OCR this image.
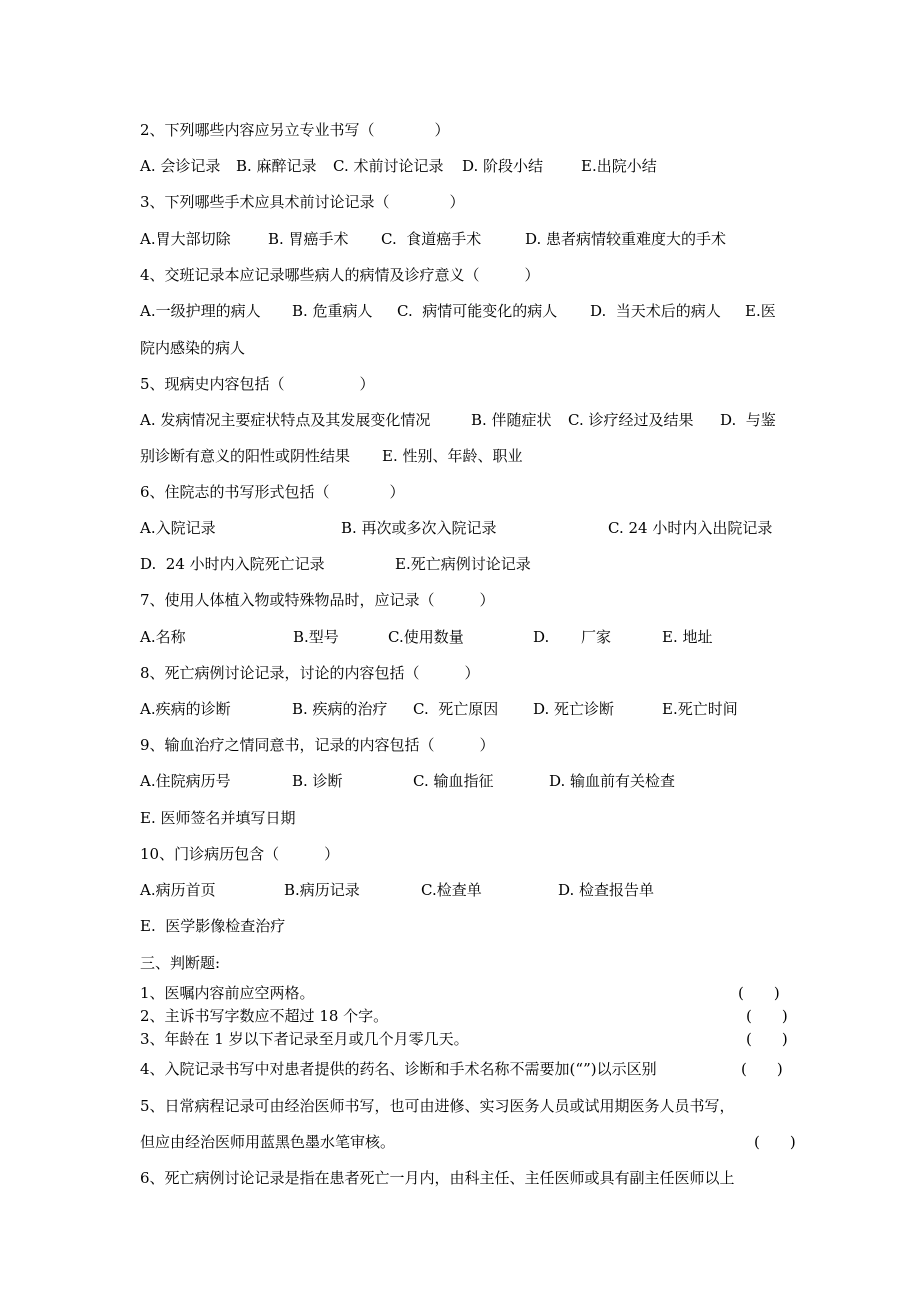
2、下列哪些内容应另立专业书写（　　　　）

A. 会诊记录

B. 麻醉记录

C. 术前讨论记录

D. 阶段小结

	E.出院小结

3、下列哪些手术应具术前讨论记录（　　　　）

A.胃大部切除

B. 胃癌手术

C.  食道癌手术

	D. 患者病情较重难度大的手术

4、交班记录本应记录哪些病人的病情及诊疗意义（　　　）

A.一级护理的病人

B. 危重病人

C.  病情可能变化的病人

D.  当天术后的病人

E.医

院内感染的病人
5、现病史内容包括（　　　　　）

A. 发病情况主要症状特点及其发展变化情况

	B. 伴随症状

C. 诊疗经过及结果

D.  与鉴

别诊断有意义的阳性或阴性结果

E. 性别、年龄、职业

6、住院志的书写形式包括（　　　　）

A.入院记录

	B. 再次或多次入院记录

	C. 24 小时内入出院记录

D.  24 小时内入院死亡记录

	E.死亡病例讨论记录

7、使用人体植入物或特殊物品时，应记录（　　　）

A.名称

	B.型号

	C.使用数量

	D.

厂家

	E. 地址

8、死亡病例讨论记录，讨论的内容包括（　　　）

A.疾病的诊断

	B. 疾病的治疗

C.  死亡原因

D. 死亡诊断

	E.死亡时间

9、输血治疗之情同意书，记录的内容包括（　　　）

A.住院病历号

	B. 诊断

	C. 输血指征

	D. 输血前有关检查

E. 医师签名并填写日期
10、门诊病历包含（　　　）

A.病历首页

	B.病历记录

	C.检查单

	D. 检查报告单

E.  医学影像检查治疗
三、判断题:

1、医嘱内容前应空两格。

	(　　)

2、主诉书写字数应不超过 18 个字。

	(　　)

3、年龄在 1 岁以下者记录至月或几个月零几天。

	(　　)

4、入院记录书写中对患者提供的药名、诊断和手术名称不需要加(“”)以示区别

	(　　)

5、日常病程记录可由经治医师书写，也可由进修、实习医务人员或试用期医务人员书写，

但应由经治医师用蓝黑色墨水笔审核。

	(　　)

6、死亡病例讨论记录是指在患者死亡一月内，由科主任、主任医师或具有副主任医师以上
